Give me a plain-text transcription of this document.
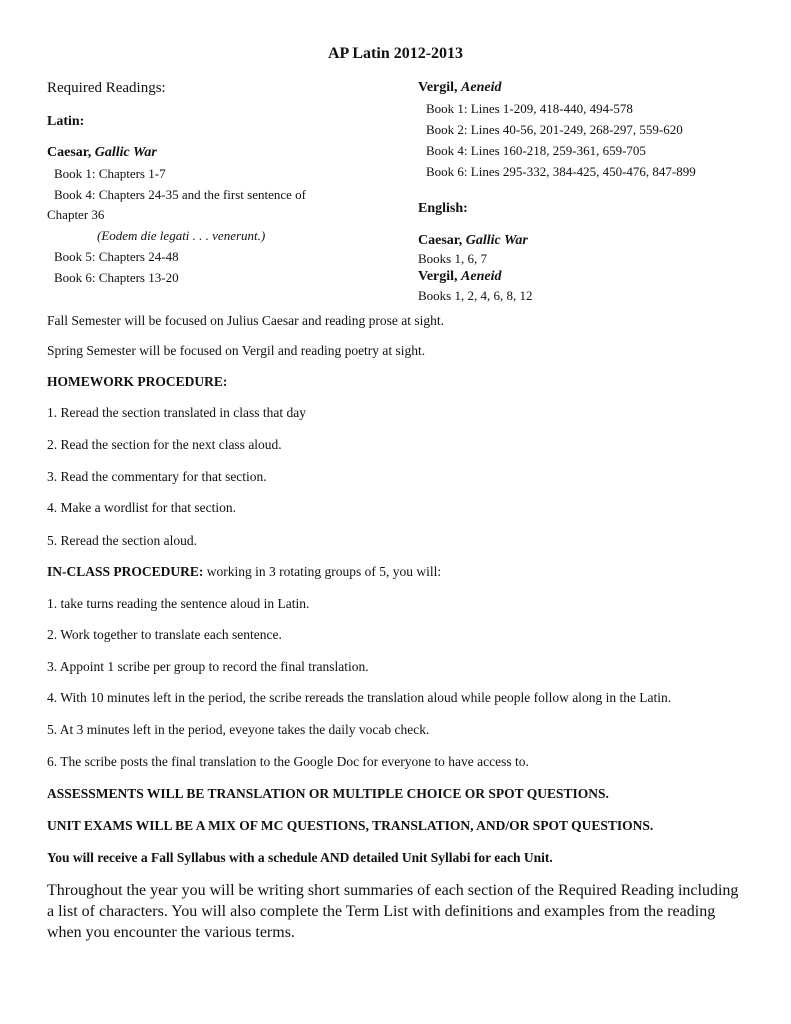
AP Latin 2012-2013
Required Readings:
Latin:
Caesar, Gallic War
Book 1: Chapters 1-7
Book 4: Chapters 24-35 and the first sentence of
Chapter 36
(Eodem die legati . . . venerunt.)
Book 5: Chapters 24-48
Book 6: Chapters 13-20
Vergil, Aeneid
Book 1: Lines 1-209, 418-440, 494-578
Book 2: Lines 40-56, 201-249, 268-297, 559-620
Book 4: Lines 160-218, 259-361, 659-705
Book 6: Lines 295-332, 384-425, 450-476, 847-899
English:
Caesar, Gallic War
Books 1, 6, 7
Vergil, Aeneid
Books 1, 2, 4, 6, 8, 12
Fall Semester will be focused on Julius Caesar and reading prose at sight.
Spring Semester will be focused on Vergil and reading poetry at sight.
HOMEWORK PROCEDURE:
1. Reread the section translated in class that day
2. Read the section for the next class aloud.
3. Read the commentary for that section.
4. Make a wordlist for that section.
5. Reread the section aloud.
IN-CLASS PROCEDURE: working in 3 rotating groups of 5, you will:
1. take turns reading the sentence aloud in Latin.
2. Work together to translate each sentence.
3. Appoint 1 scribe per group to record the final translation.
4. With 10 minutes left in the period, the scribe rereads the translation aloud while people follow along in the Latin.
5. At 3 minutes left in the period, eveyone takes the daily vocab check.
6. The scribe posts the final translation to the Google Doc for everyone to have access to.
ASSESSMENTS WILL BE TRANSLATION OR MULTIPLE CHOICE OR SPOT QUESTIONS.
UNIT EXAMS WILL BE A MIX OF MC QUESTIONS, TRANSLATION, AND/OR SPOT QUESTIONS.
You will receive a Fall Syllabus with a schedule AND detailed Unit Syllabi for each Unit.
Throughout the year you will be writing short summaries of each section of the Required Reading including a list of characters. You will also complete the Term List with definitions and examples from the reading when you encounter the various terms.
